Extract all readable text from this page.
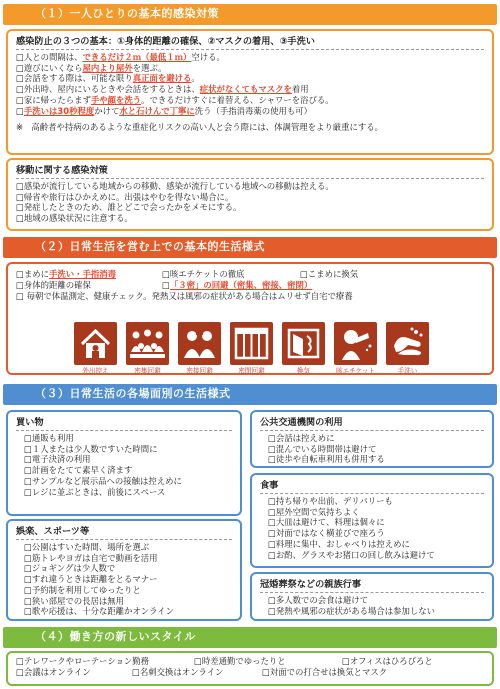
（１）一人ひとりの基本的感染対策
感染防止の３つの基本：①身体的距離の確保、②マスクの着用、③手洗い
□人との間隔は、できるだけ２ｍ（最低１ｍ）空ける。
□遊びにいくなら屋内より屋外を選ぶ。
□会話をする際は、可能な限り真正面を避ける。
□外出時、屋内にいるときや会話をするときは、症状がなくてもマスクを着用
□家に帰ったらまず手や顔を洗う。できるだけすぐに着替える、シャワーを浴びる。
□手洗いは30秒程度かけて水と石けんで丁寧に洗う（手指消毒薬の使用も可）
※　高齢者や持病のあるような重症化リスクの高い人と会う際には、体調管理をより厳重にする。
移動に関する感染対策
□感染が流行している地域からの移動、感染が流行している地域への移動は控える。
□帰省や旅行はひかえめに。出張はやむを得ない場合に。
□発症したときのため、誰とどこで会ったかをメモにする。
□地域の感染状況に注意する。
（２）日常生活を営む上での基本的生活様式
□まめに手洗い・手指消毒	□咳エチケットの徹底	□こまめに換気
□身体的距離の確保	□「３密」の回避（密集、密接、密閉）
□ 毎朝で体温測定、健康チェック。発熱又は風邪の症状がある場合はムリせず自宅で療養
外出控え	密集回避	密接回避	密閉回避	換気	咳エチケット	手洗い
（３）日常生活の各場面別の生活様式
買い物
□通販も利用
□１人または少人数ですいた時間に
□電子決済の利用
□計画をたてて素早く済ます
□サンプルなど展示品への接触は控えめに
□レジに並ぶときは、前後にスペース
娯楽、スポーツ等
□公園はすいた時間、場所を選ぶ
□筋トレやヨガは自宅で動画を活用
□ジョギングは少人数で
□すれ違うときは距離をとるマナー
□予約制を利用してゆったりと
□狭い部屋での長居は無用
□歌や応援は、十分な距離かオンライン
公共交通機関の利用
□会話は控えめに
□混んでいる時間帯は避けて
□徒歩や自転車利用も併用する
食事
□持ち帰りや出前、デリバリーも
□屋外空間で気持ちよく
□大皿は避けて、料理は個々に
□対面ではなく横並びで座ろう
□料理に集中、おしゃべりは控えめに
□お酌、グラスやお猪口の回し飲みは避けて
冠婚葬祭などの親族行事
□多人数での会食は避けて
□発熱や風邪の症状がある場合は参加しない
（４）働き方の新しいスタイル
□テレワークやローテーション勤務	□時差通勤でゆったりと	□オフィスはひろびろと
□会議はオンライン	□名刺交換はオンライン	□対面での打合せは換気とマスク
